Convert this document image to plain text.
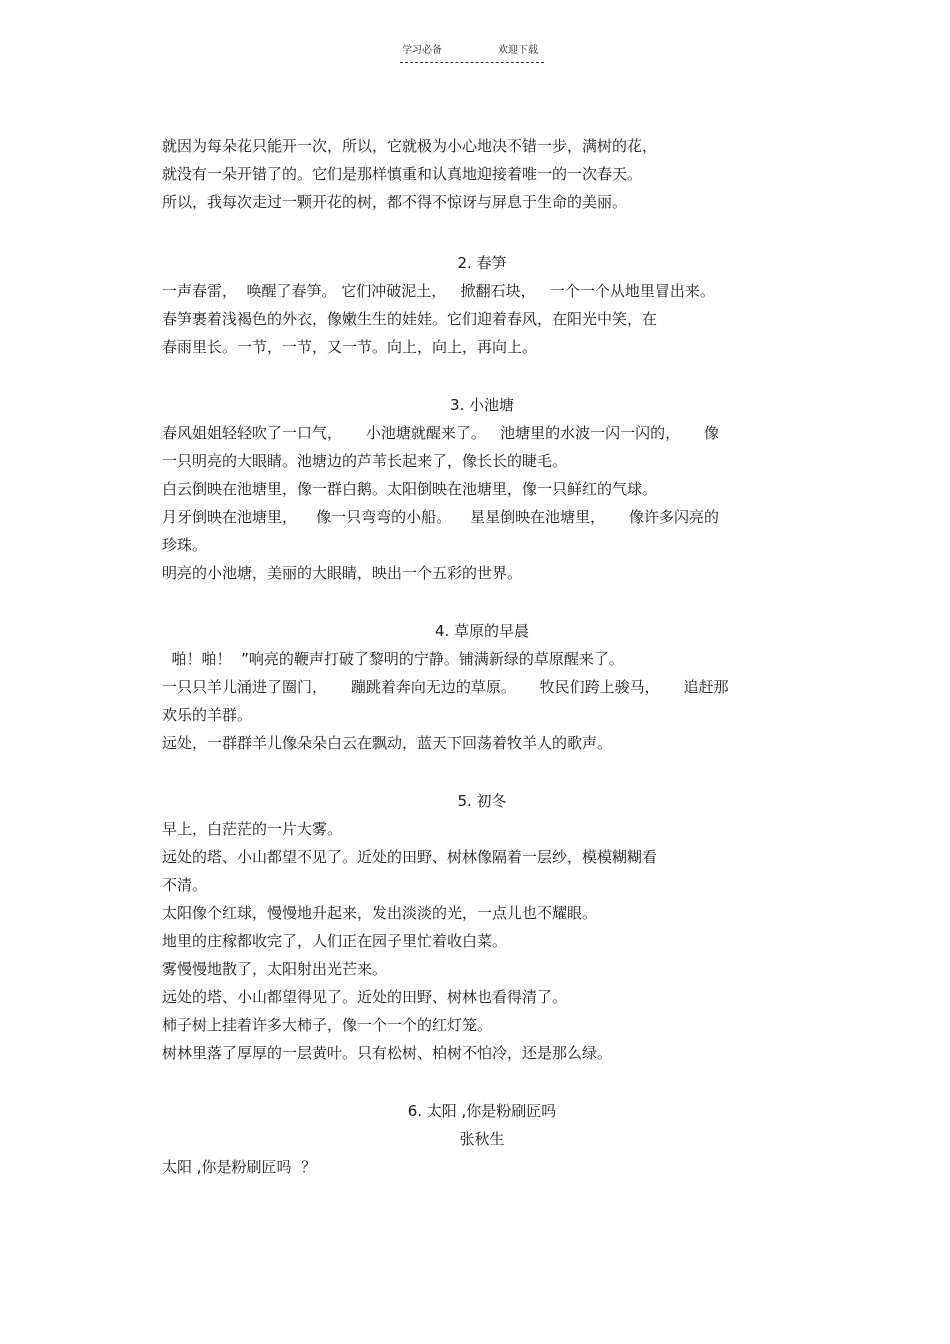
学习必备	欢迎下载

就因为每朵花只能开一次，所以，它就极为小心地决不错一步，满树的花，

就没有一朵开错了的。它们是那样慎重和认真地迎接着唯一的一次春天。

所以，我每次走过一颗开花的树，都不得不惊讶与屏息于生命的美丽。

2. 春笋

一声春雷，  唤醒了春笋。 它们冲破泥土，   掀翻石块，   一个一个从地里冒出来。

春笋裹着浅褐色的外衣，像嫩生生的娃娃。它们迎着春风，在阳光中笑，在

春雨里长。一节，一节，又一节。向上，向上，再向上。

3. 小池塘

春风姐姐轻轻吹了一口气，     小池塘就醒来了。   池塘里的水波一闪一闪的，     像

一只明亮的大眼睛。池塘边的芦苇长起来了，像长长的睫毛。

白云倒映在池塘里，像一群白鹅。太阳倒映在池塘里，像一只鲜红的气球。

月牙倒映在池塘里，    像一只弯弯的小船。    星星倒映在池塘里，     像许多闪亮的

珍珠。

明亮的小池塘，美丽的大眼睛，映出一个五彩的世界。

4. 草原的早晨

啪！啪！  ”响亮的鞭声打破了黎明的宁静。铺满新绿的草原醒来了。

一只只羊儿涌进了圈门，     蹦跳着奔向无边的草原。     牧民们跨上骏马，     追赶那

欢乐的羊群。

远处，一群群羊儿像朵朵白云在飘动，蓝天下回荡着牧羊人的歌声。

5. 初冬

早上，白茫茫的一片大雾。

远处的塔、小山都望不见了。近处的田野、树林像隔着一层纱，模模糊糊看

不清。

太阳像个红球，慢慢地升起来，发出淡淡的光，一点儿也不耀眼。

地里的庄稼都收完了，人们正在园子里忙着收白菜。

雾慢慢地散了，太阳射出光芒来。

远处的塔、小山都望得见了。近处的田野、树林也看得清了。

柿子树上挂着许多大柿子，像一个一个的红灯笼。

树林里落了厚厚的一层黄叶。只有松树、柏树不怕冷，还是那么绿。

6. 太阳 ,你是粉刷匠吗

张秋生

太阳 ,你是粉刷匠吗  ？
